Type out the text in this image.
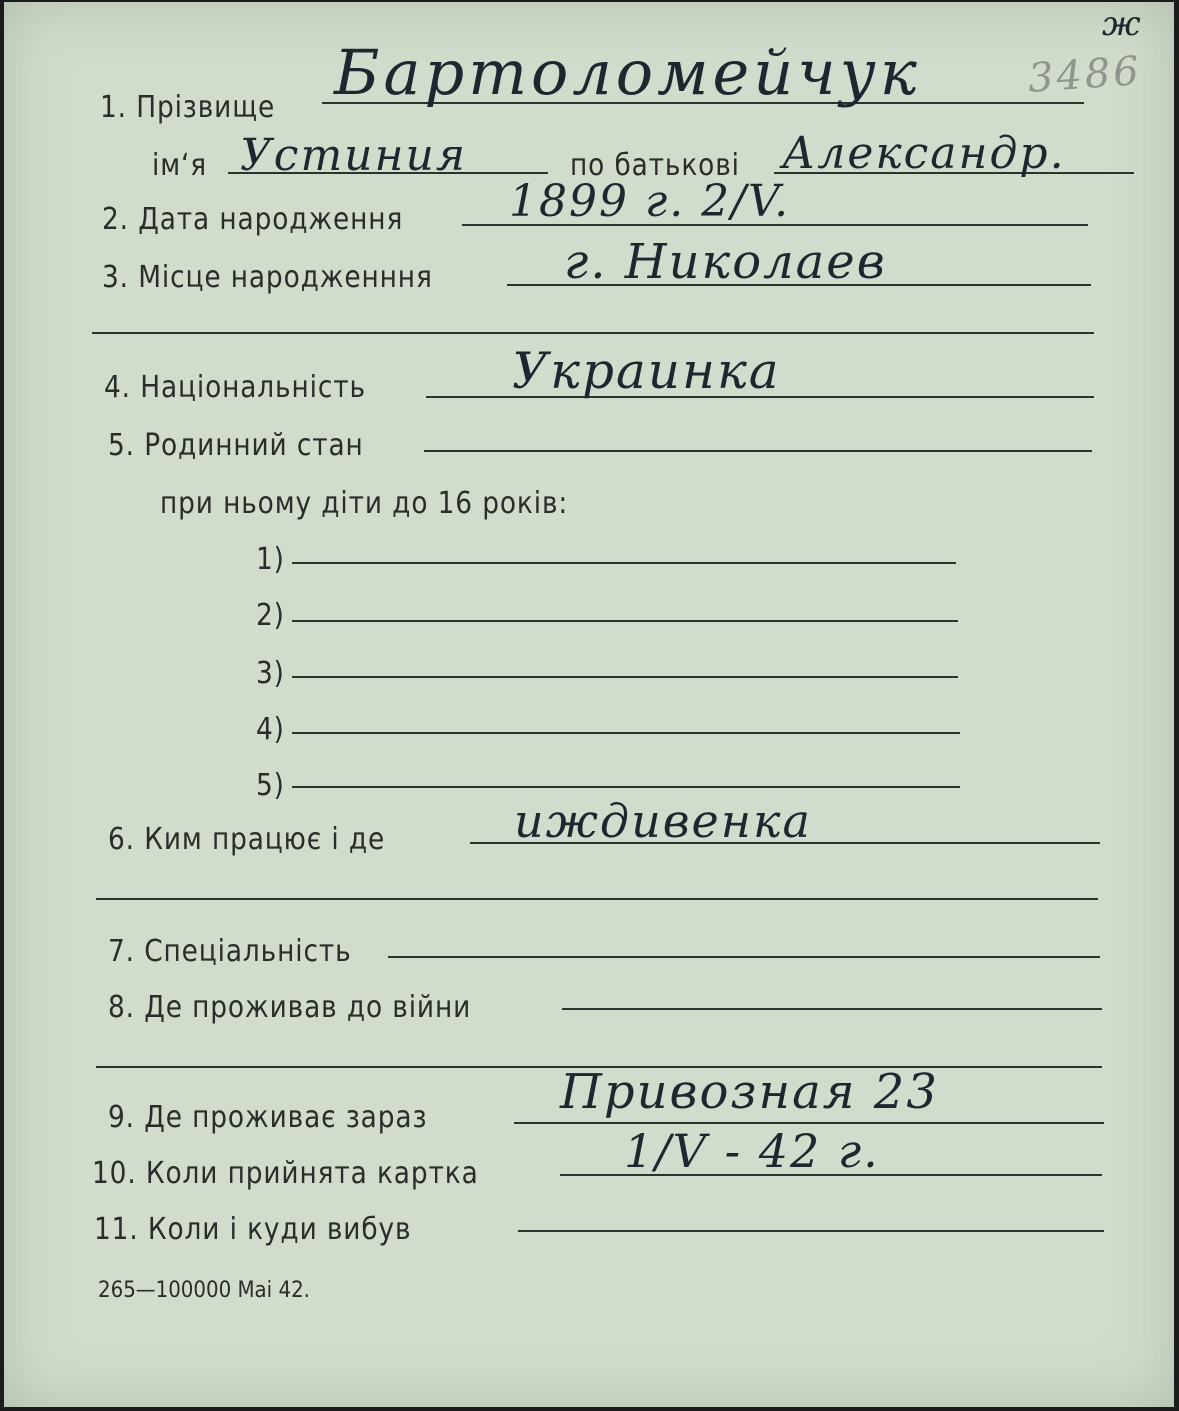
ж
3486
1. Прізвище Бартоломейчук
ім‘я Устиния	по батькові Александр.
2. Дата народження 1899 г. 2/V.
3. Місце народженння	г. Николаев
4. Національність	Украинка
5. Родинний стан
при ньому діти до 16 років:
1)
2)
3)
4)
5)
6. Ким працює і де	иждивенка
7. Спеціальність
8. Де проживав до війни
9. Де проживає зараз	Привозная 23
10. Коли прийнята картка	1/V - 42 г.
11. Коли і куди вибув
265—100000 Mai 42.
